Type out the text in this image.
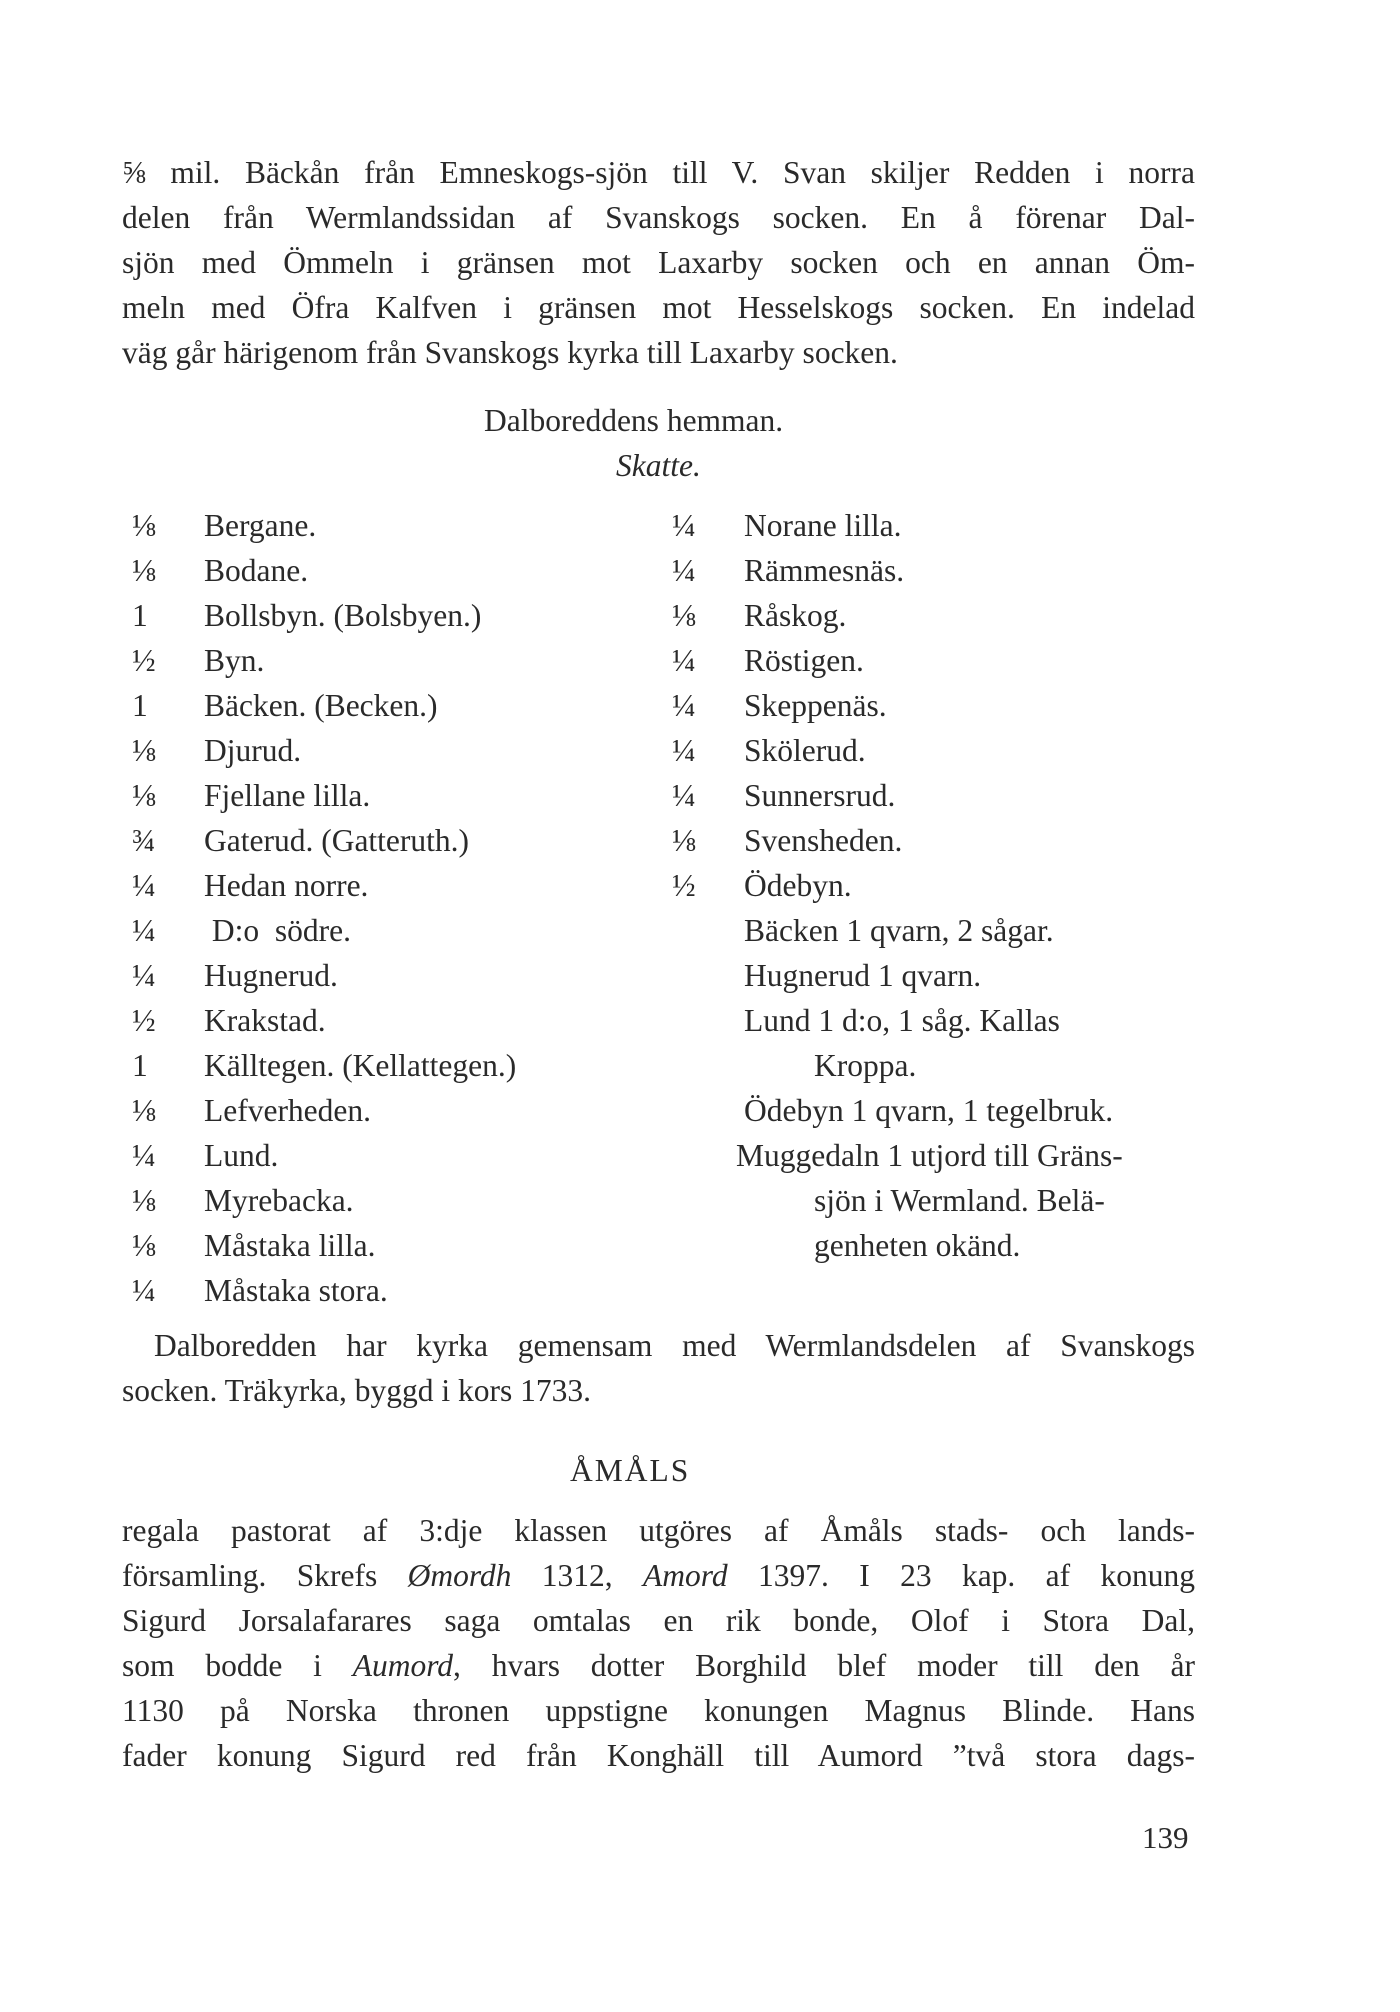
⅝ mil. Bäckån från Emneskogs-sjön till V. Svan skiljer Redden i norra
delen från Wermlandssidan af Svanskogs socken. En å förenar Dal-
sjön med Ömmeln i gränsen mot Laxarby socken och en annan Öm-
meln med Öfra Kalfven i gränsen mot Hesselskogs socken. En indelad
väg går härigenom från Svanskogs kyrka till Laxarby socken.
Dalboreddens hemman.
Skatte.
⅛	Bergane.
⅛	Bodane.
1	Bollsbyn. (Bolsbyen.)
½	Byn.
1	Bäcken. (Becken.)
⅛	Djurud.
⅛	Fjellane lilla.
¾	Gaterud. (Gatteruth.)
¼	Hedan norre.
¼	D:o  södre.
¼	Hugnerud.
½	Krakstad.
1	Källtegen. (Kellattegen.)
⅛	Lefverheden.
¼	Lund.
⅛	Myrebacka.
⅛	Måstaka lilla.
¼	Måstaka stora.
¼	Norane lilla.
¼	Rämmesnäs.
⅛	Råskog.
¼	Röstigen.
¼	Skeppenäs.
¼	Skölerud.
¼	Sunnersrud.
⅛	Svensheden.
½	Ödebyn.
Bäcken 1 qvarn, 2 sågar.
Hugnerud 1 qvarn.
Lund 1 d:o, 1 såg. Kallas
Kroppa.
Ödebyn 1 qvarn, 1 tegelbruk.
Muggedaln 1 utjord till Gräns-
sjön i Wermland. Belä-
genheten okänd.
Dalboredden har kyrka gemensam med Wermlandsdelen af Svanskogs
socken. Träkyrka, byggd i kors 1733.
ÅMÅLS
regala pastorat af 3:dje klassen utgöres af Åmåls stads- och lands-
församling. Skrefs Ømordh 1312, Amord 1397. I 23 kap. af konung
Sigurd Jorsalafarares saga omtalas en rik bonde, Olof i Stora Dal,
som bodde i Aumord, hvars dotter Borghild blef moder till den år
1130 på Norska thronen uppstigne konungen Magnus Blinde. Hans
fader konung Sigurd red från Konghäll till Aumord ”två stora dags-
139
